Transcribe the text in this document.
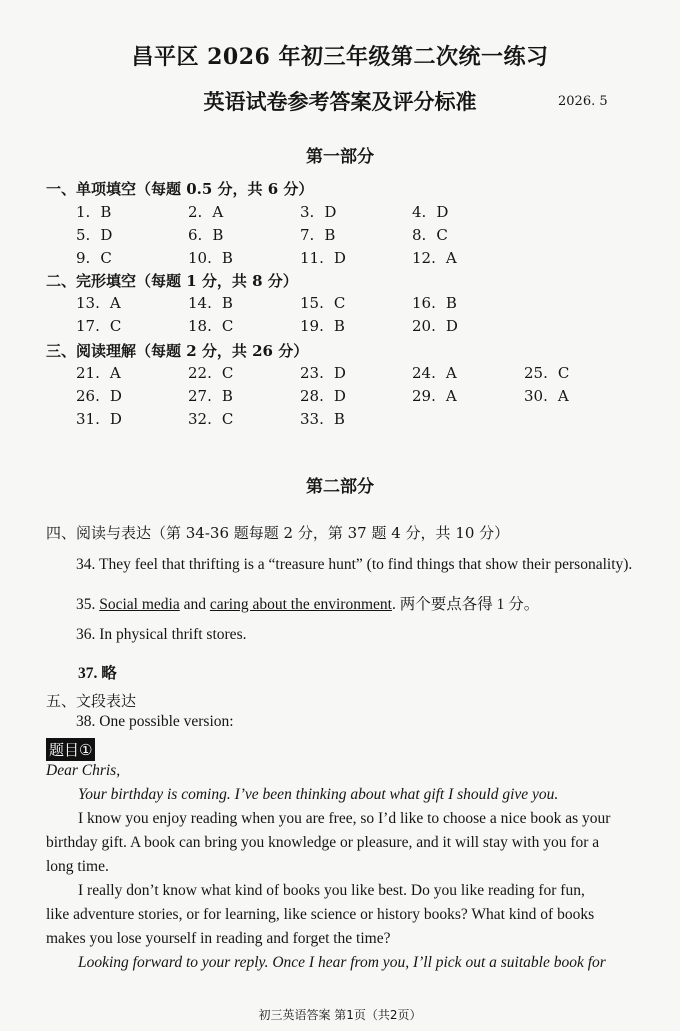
昌平区 2026 年初三年级第二次统一练习
英语试卷参考答案及评分标准	2026. 5
第一部分
一、单项填空（每题 0.5 分，共 6 分）
1. B	2. A	3. D	4. D
5. D	6. B	7. B	8. C
9. C	10. B	11. D	12. A
二、完形填空（每题 1 分，共 8 分）
13. A	14. B	15. C	16. B
17. C	18. C	19. B	20. D
三、阅读理解（每题 2 分，共 26 分）
21. A	22. C	23. D	24. A	25. C
26. D	27. B	28. D	29. A	30. A
31. D	32. C	33. B
第二部分
四、阅读与表达（第 34-36 题每题 2 分，第 37 题 4 分，共 10 分）
34. They feel that thrifting is a “treasure hunt” (to find things that show their personality).
35. Social media and caring about the environment. 两个要点各得 1 分。
36. In physical thrift stores.
37. 略
五、文段表达
38. One possible version:
题目①
Dear Chris,
Your birthday is coming. I’ve been thinking about what gift I should give you.
I know you enjoy reading when you are free, so I’d like to choose a nice book as your
birthday gift. A book can bring you knowledge or pleasure, and it will stay with you for a
long time.
I really don’t know what kind of books you like best. Do you like reading for fun,
like adventure stories, or for learning, like science or history books? What kind of books
makes you lose yourself in reading and forget the time?
Looking forward to your reply. Once I hear from you, I’ll pick out a suitable book for
初三英语答案 第1页（共2页）
